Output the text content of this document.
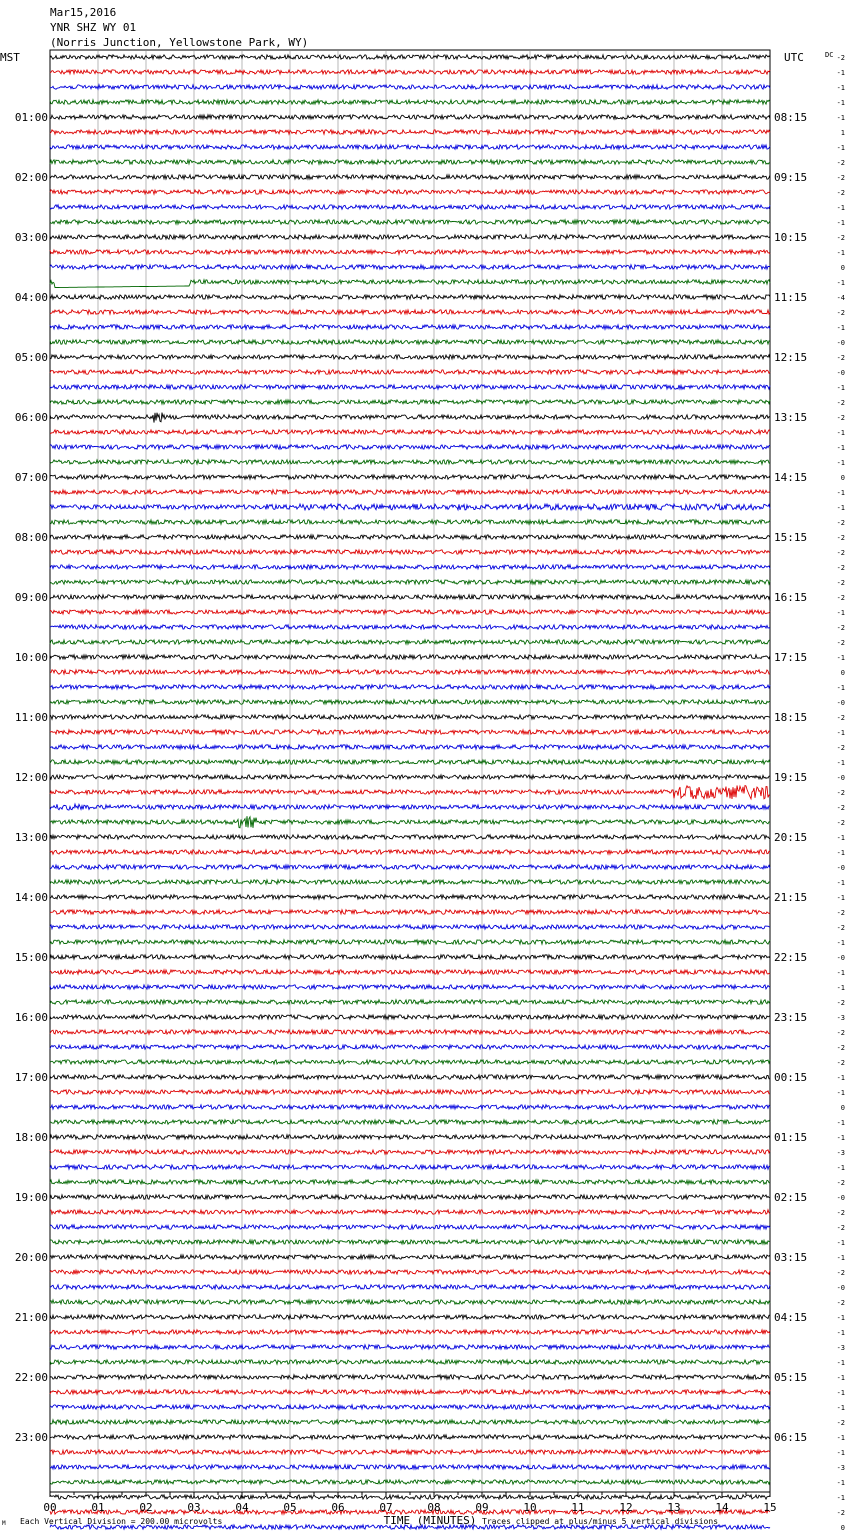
Mar15,2016
YNR SHZ WY 01
(Norris Junction, Yellowstone Park, WY)
MST	UTC	DC
01:00
02:00
03:00
04:00
05:00
06:00
07:00
08:00
09:00
10:00
11:00
12:00
13:00
14:00
15:00
16:00
17:00
18:00
19:00
20:00
21:00
22:00
23:00
08:15
09:15
10:15
11:15
12:15
13:15
14:15
15:15
16:15
17:15
18:15
19:15
20:15
21:15
22:15
23:15
00:15
01:15
02:15
03:15
04:15
05:15
06:15
-2
-1
-1
-1
-1
1
-1
-2
-2
-2
-1
-1
-2
-1
0
-1
-4
-2
-1
-0
-2
-0
-1
-2
-2
-1
-1
-1
0
-1
-1
-2
-2
-2
-2
-2
-2
-1
-2
-2
-1
0
-1
-0
-2
-1
-2
-1
-0
-2
-2
-2
-1
-1
-0
-1
-1
-2
-2
-1
-0
-1
-1
-2
-3
-2
-2
-2
-1
-1
0
-1
-1
-3
-1
-2
-0
-2
-2
-1
-1
-2
-0
-2
-1
-1
-3
-1
-1
-1
-1
-2
-1
-1
-3
-1
-1
-2
0
00	01	02	03	04	05	06	07	08	09	10	11	12	13	14	15
TIME (MINUTES)
M Each Vertical Division = 200.00 microvolts	Traces clipped at plus/minus 5 vertical divisions
